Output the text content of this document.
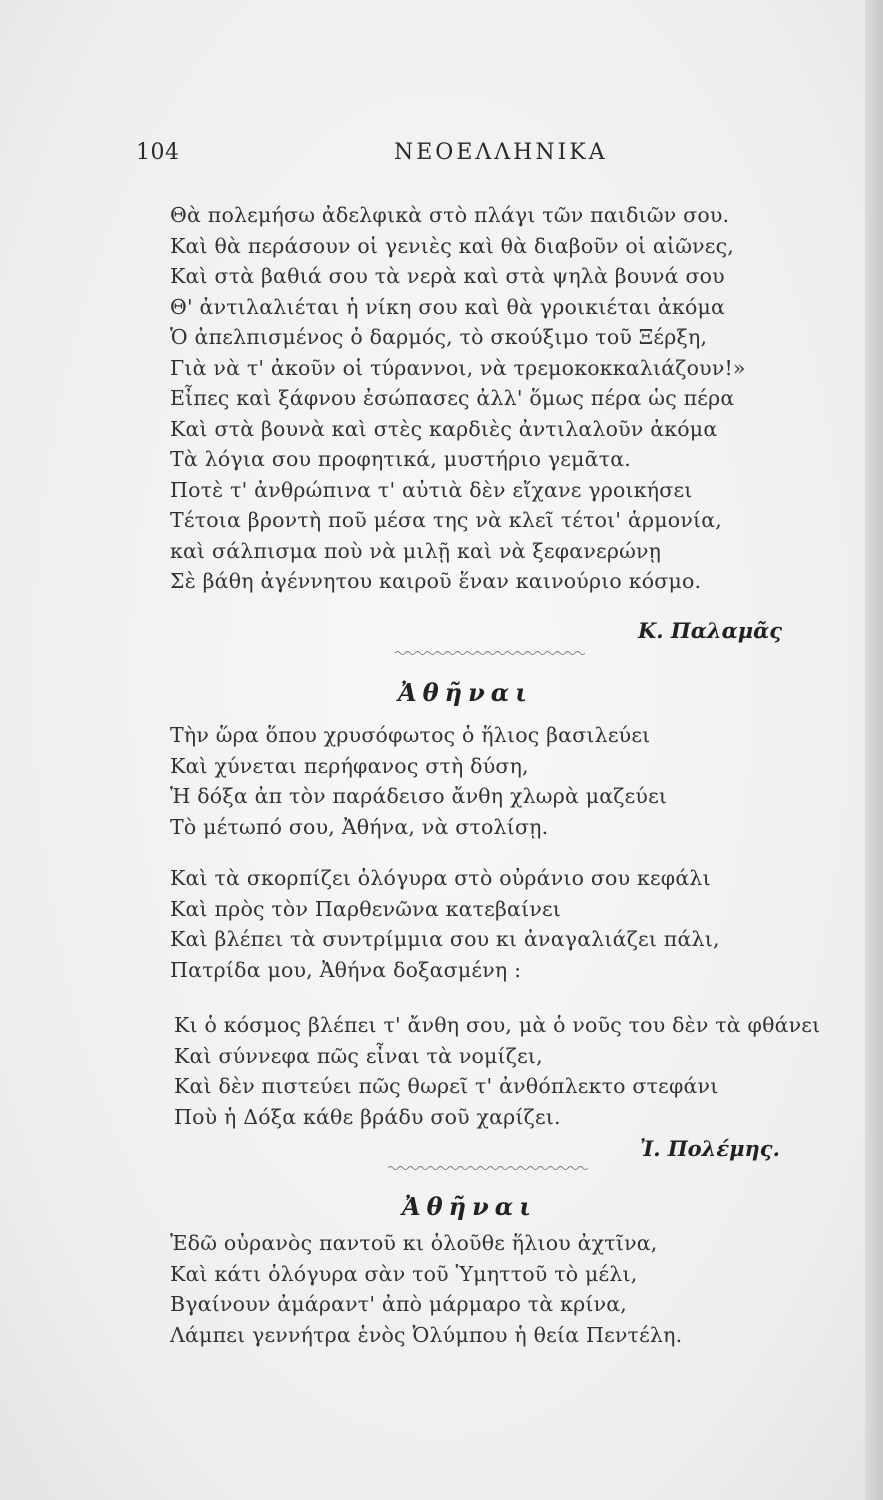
104	ΝΕΟΕΛΛΗΝΙΚΑ
Θὰ πολεμήσω ἀδελφικὰ στὸ πλάγι τῶν παιδιῶν σου.
Καὶ θὰ περάσουν οἱ γενιὲς καὶ θὰ διαβοῦν οἱ αἰῶνες,
Καὶ στὰ βαθιά σου τὰ νερὰ καὶ στὰ ψηλὰ βουνά σου
Θ' ἀντιλαλιέται ἡ νίκη σου καὶ θὰ γροικιέται ἀκόμα
Ὁ ἀπελπισμένος ὁ δαρμός, τὸ σκούξιμο τοῦ Ξέρξη,
Γιὰ νὰ τ' ἀκοῦν οἱ τύραννοι, νὰ τρεμοκοκκαλιάζουν!»
Εἶπες καὶ ξάφνου ἐσώπασες ἀλλ' ὅμως πέρα ὡς πέρα
Καὶ στὰ βουνὰ καὶ στὲς καρδιὲς ἀντιλαλοῦν ἀκόμα
Τὰ λόγια σου προφητικά, μυστήριο γεμᾶτα.
Ποτὲ τ' ἀνθρώπινα τ' αὐτιὰ δὲν εἴχανε γροικήσει
Τέτοια βροντὴ ποῦ μέσα της νὰ κλεῖ τέτοι' ἁρμονία,
καὶ σάλπισμα ποὺ νὰ μιλῇ καὶ νὰ ξεφανερώνῃ
Σὲ βάθη ἀγέννητου καιροῦ ἕναν καινούριο κόσμο.
Κ. Παλαμᾶς
Ἀθῆναι
Τὴν ὥρα ὅπου χρυσόφωτος ὁ ἥλιος βασιλεύει
Καὶ χύνεται περήφανος στὴ δύση,
Ἡ δόξα ἀπ τὸν παράδεισο ἄνθη χλωρὰ μαζεύει
Τὸ μέτωπό σου, Ἀθήνα, νὰ στολίσῃ.
Καὶ τὰ σκορπίζει ὁλόγυρα στὸ οὐράνιο σου κεφάλι
Καὶ πρὸς τὸν Παρθενῶνα κατεβαίνει
Καὶ βλέπει τὰ συντρίμμια σου κι ἀναγαλιάζει πάλι,
Πατρίδα μου, Ἀθήνα δοξασμένη :
Κι ὁ κόσμος βλέπει τ' ἄνθη σου, μὰ ὁ νοῦς του δὲν τὰ φθάνει
Καὶ σύννεφα πῶς εἶναι τὰ νομίζει,
Καὶ δὲν πιστεύει πῶς θωρεῖ τ' ἀνθόπλεκτο στεφάνι
Ποὺ ἡ Δόξα κάθε βράδυ σοῦ χαρίζει.
Ἰ. Πολέμης.
Ἀθῆναι
Ἐδῶ οὐρανὸς παντοῦ κι ὁλοῦθε ἥλιου ἀχτῖνα,
Καὶ κάτι ὁλόγυρα σὰν τοῦ Ὑμηττοῦ τὸ μέλι,
Βγαίνουν ἀμάραντ' ἀπὸ μάρμαρο τὰ κρίνα,
Λάμπει γεννήτρα ἑνὸς Ὀλύμπου ἡ θεία Πεντέλη.
